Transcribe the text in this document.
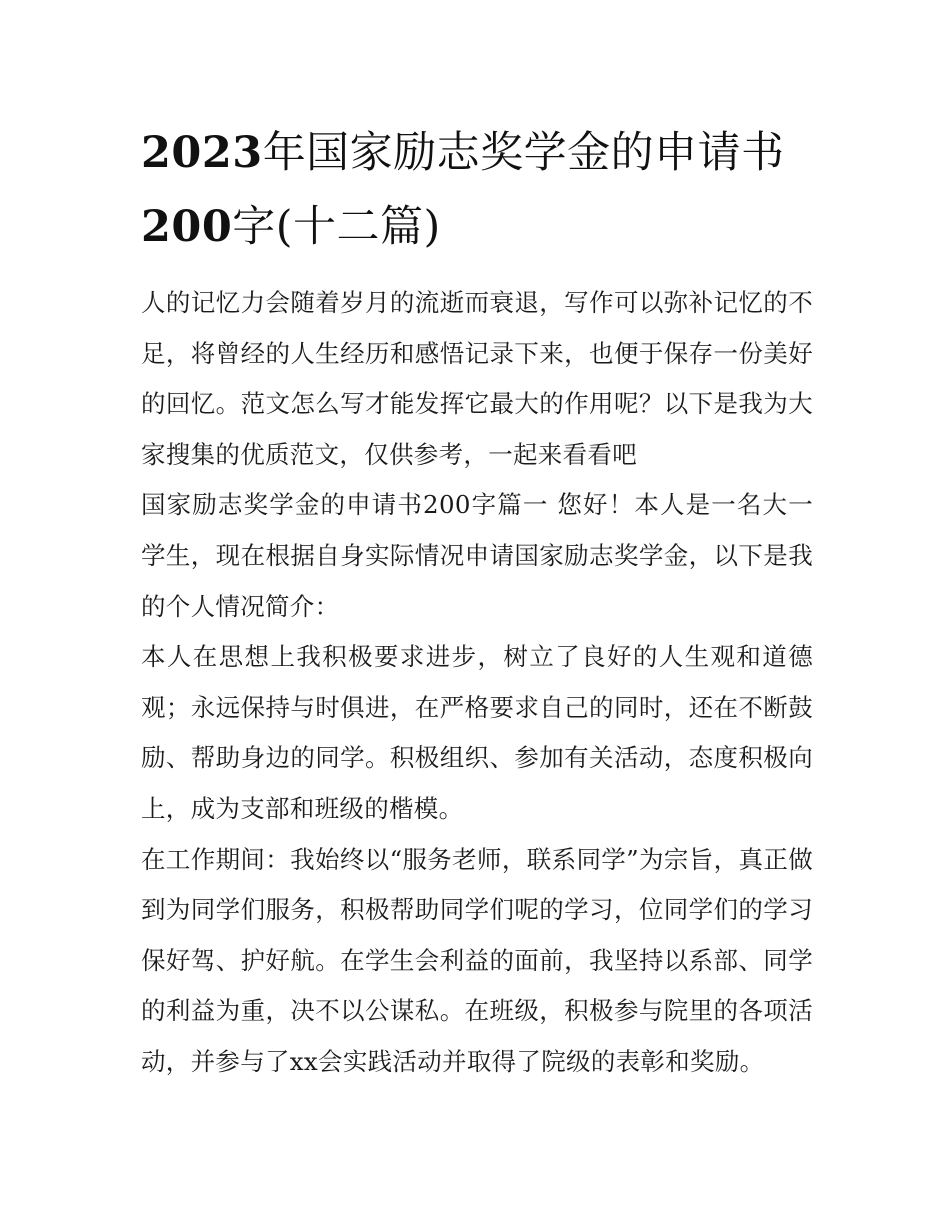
2023年国家励志奖学金的申请书200字(十二篇)

人的记忆力会随着岁月的流逝而衰退，写作可以弥补记忆的不足，将曾经的人生经历和感悟记录下来，也便于保存一份美好的回忆。范文怎么写才能发挥它最大的作用呢？以下是我为大家搜集的优质范文，仅供参考，一起来看看吧

国家励志奖学金的申请书200字篇一 您好！本人是一名大一学生，现在根据自身实际情况申请国家励志奖学金，以下是我的个人情况简介：

本人在思想上我积极要求进步，树立了良好的人生观和道德观；永远保持与时俱进，在严格要求自己的同时，还在不断鼓励、帮助身边的同学。积极组织、参加有关活动，态度积极向上，成为支部和班级的楷模。

在工作期间：我始终以“服务老师，联系同学”为宗旨，真正做到为同学们服务，积极帮助同学们呢的学习，位同学们的学习保好驾、护好航。在学生会利益的面前，我坚持以系部、同学的利益为重，决不以公谋私。在班级，积极参与院里的各项活动，并参与了xx会实践活动并取得了院级的表彰和奖励。
